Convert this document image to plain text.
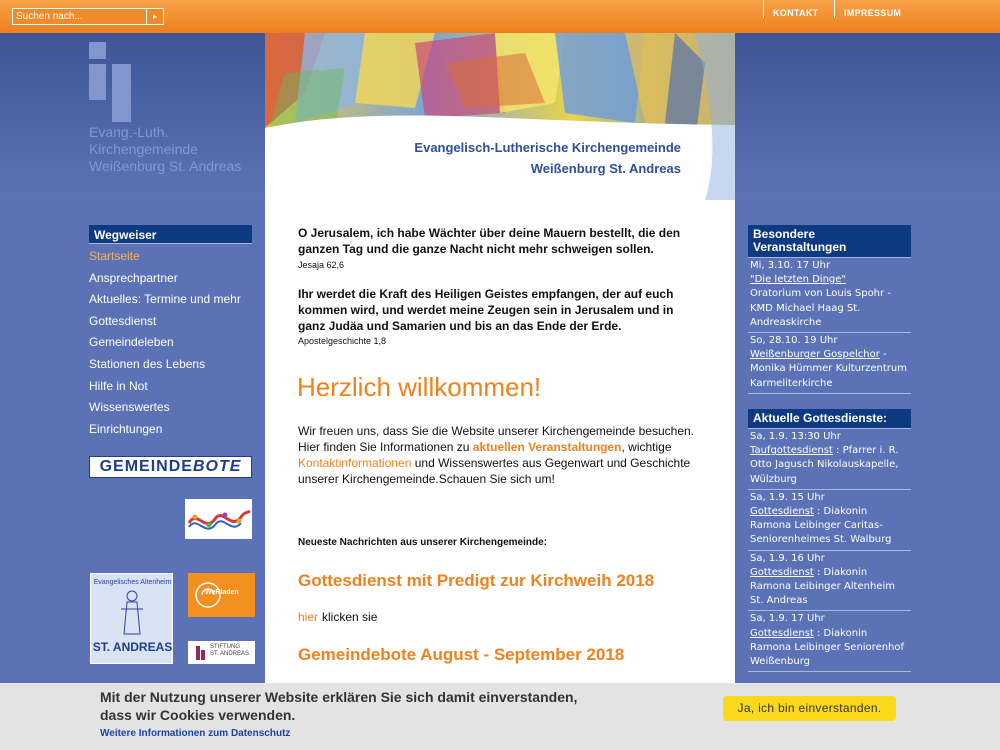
Suchen nach...
▸	KONTAKT	IMPRESSUM
Evang.-Luth.
Kirchengemeinde
Weißenburg St. Andreas
Evangelisch-Lutherische Kirchengemeinde
Weißenburg St. Andreas
Wegweiser
Startseite
Ansprechpartner
Aktuelles: Termine und mehr
Gottesdienst
Gemeindeleben
Stationen des Lebens
Hilfe in Not
Wissenswertes
Einrichtungen
GEMEINDEBOTE
Evangelisches Altenheim
ST. ANDREAS
WeRladen
STIFTUNG
ST. ANDREAS
O Jerusalem, ich habe Wächter über deine Mauern bestellt, die den ganzen Tag und die ganze Nacht nicht mehr schweigen sollen.
Jesaja 62,6
Ihr werdet die Kraft des Heiligen Geistes empfangen, der auf euch kommen wird, und werdet meine Zeugen sein in Jerusalem und in ganz Judäa und Samarien und bis an das Ende der Erde.
Apostelgeschichte 1,8
Herzlich willkommen!
Wir freuen uns, dass Sie die Website unserer Kirchengemeinde besuchen. Hier finden Sie Informationen zu aktuellen Veranstaltungen, wichtige Kontaktinformationen und Wissenswertes aus Gegenwart und Geschichte unserer Kirchengemeinde.Schauen Sie sich um!
Neueste Nachrichten aus unserer Kirchengemeinde:
Gottesdienst mit Predigt zur Kirchweih 2018
hier klicken sie
Gemeindebote August - September 2018
Besondere Veranstaltungen
Mi, 3.10. 17 Uhr
"Die letzten Dinge"
Oratorium von Louis Spohr - KMD Michael Haag St. Andreaskirche
So, 28.10. 19 Uhr
Weißenburger Gospelchor - Monika Hümmer Kulturzentrum Karmeliterkirche
Aktuelle Gottesdienste:
Sa, 1.9. 13:30 Uhr
Taufgottesdienst : Pfarrer i. R. Otto Jagusch Nikolauskapelle, Wülzburg
Sa, 1.9. 15 Uhr
Gottesdienst : Diakonin Ramona Leibinger Caritas-Seniorenheimes St. Walburg
Sa, 1.9. 16 Uhr
Gottesdienst : Diakonin Ramona Leibinger Altenheim St. Andreas
Sa, 1.9. 17 Uhr
Gottesdienst : Diakonin Ramona Leibinger Seniorenhof Weißenburg
Mit der Nutzung unserer Website erklären Sie sich damit einverstanden, dass wir Cookies verwenden.
Weitere Informationen zum Datenschutz
Ja, ich bin einverstanden.
